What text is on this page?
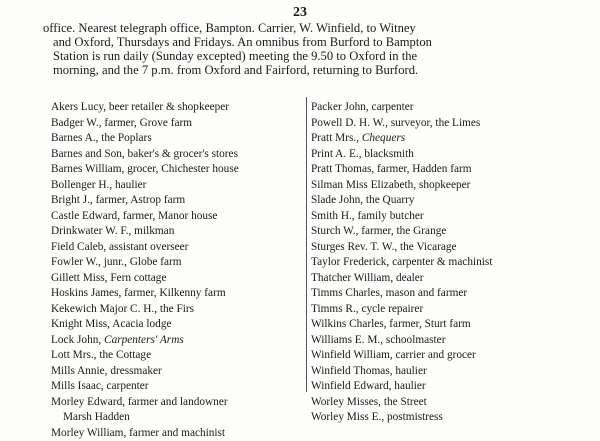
23
office. Nearest telegraph office, Bampton. Carrier, W. Winfield, to Witney
and Oxford, Thursdays and Fridays. An omnibus from Burford to Bampton
Station is run daily (Sunday excepted) meeting the 9.50 to Oxford in the
morning, and the 7 p.m. from Oxford and Fairford, returning to Burford.
Akers Lucy, beer retailer & shopkeeper
Badger W., farmer, Grove farm
Barnes A., the Poplars
Barnes and Son, baker's & grocer's stores
Barnes William, grocer, Chichester house
Bollenger H., haulier
Bright J., farmer, Astrop farm
Castle Edward, farmer, Manor house
Drinkwater W. F., milkman
Field Caleb, assistant overseer
Fowler W., junr., Globe farm
Gillett Miss, Fern cottage
Hoskins James, farmer, Kilkenny farm
Kekewich Major C. H., the Firs
Knight Miss, Acacia lodge
Lock John, Carpenters' Arms
Lott Mrs., the Cottage
Mills Annie, dressmaker
Mills Isaac, carpenter
Morley Edward, farmer and landowner
Marsh Hadden
Morley William, farmer and machinist
Packer John, carpenter
Powell D. H. W., surveyor, the Limes
Pratt Mrs., Chequers
Print A. E., blacksmith
Pratt Thomas, farmer, Hadden farm
Silman Miss Elizabeth, shopkeeper
Slade John, the Quarry
Smith H., family butcher
Sturch W., farmer, the Grange
Sturges Rev. T. W., the Vicarage
Taylor Frederick, carpenter & machinist
Thatcher William, dealer
Timms Charles, mason and farmer
Timms R., cycle repairer
Wilkins Charles, farmer, Sturt farm
Williams E. M., schoolmaster
Winfield William, carrier and grocer
Winfield Thomas, haulier
Winfield Edward, haulier
Worley Misses, the Street
Worley Miss E., postmistress
